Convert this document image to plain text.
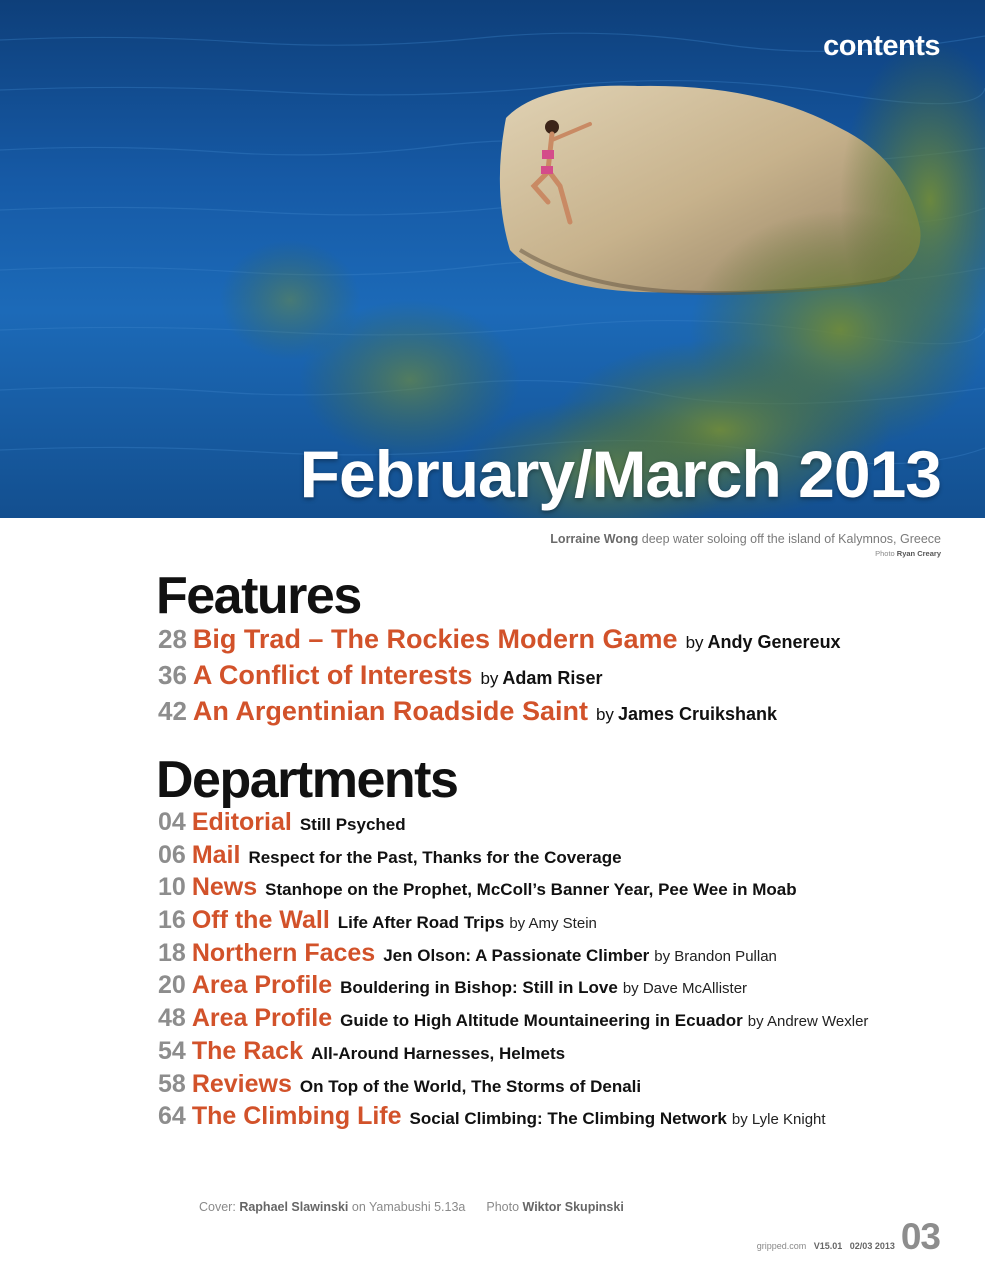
contents
February/March 2013
Lorraine Wong deep water soloing off the island of Kalymnos, Greece
Photo Ryan Creary
Features
28 Big Trad – The Rockies Modern Game by Andy Genereux
36 A Conflict of Interests by Adam Riser
42 An Argentinian Roadside Saint by James Cruikshank
Departments
04 Editorial Still Psyched
06 Mail Respect for the Past, Thanks for the Coverage
10 News Stanhope on the Prophet, McColl’s Banner Year, Pee Wee in Moab
16 Off the Wall Life After Road Trips by Amy Stein
18 Northern Faces Jen Olson: A Passionate Climber by Brandon Pullan
20 Area Profile Bouldering in Bishop: Still in Love by Dave McAllister
48 Area Profile Guide to High Altitude Mountaineering in Ecuador by Andrew Wexler
54 The Rack All-Around Harnesses, Helmets
58 Reviews On Top of the World, The Storms of Denali
64 The Climbing Life Social Climbing: The Climbing Network by Lyle Knight
Cover: Raphael Slawinski on Yamabushi 5.13a Photo Wiktor Skupinski
gripped.com V15.01 02/03 2013 03
